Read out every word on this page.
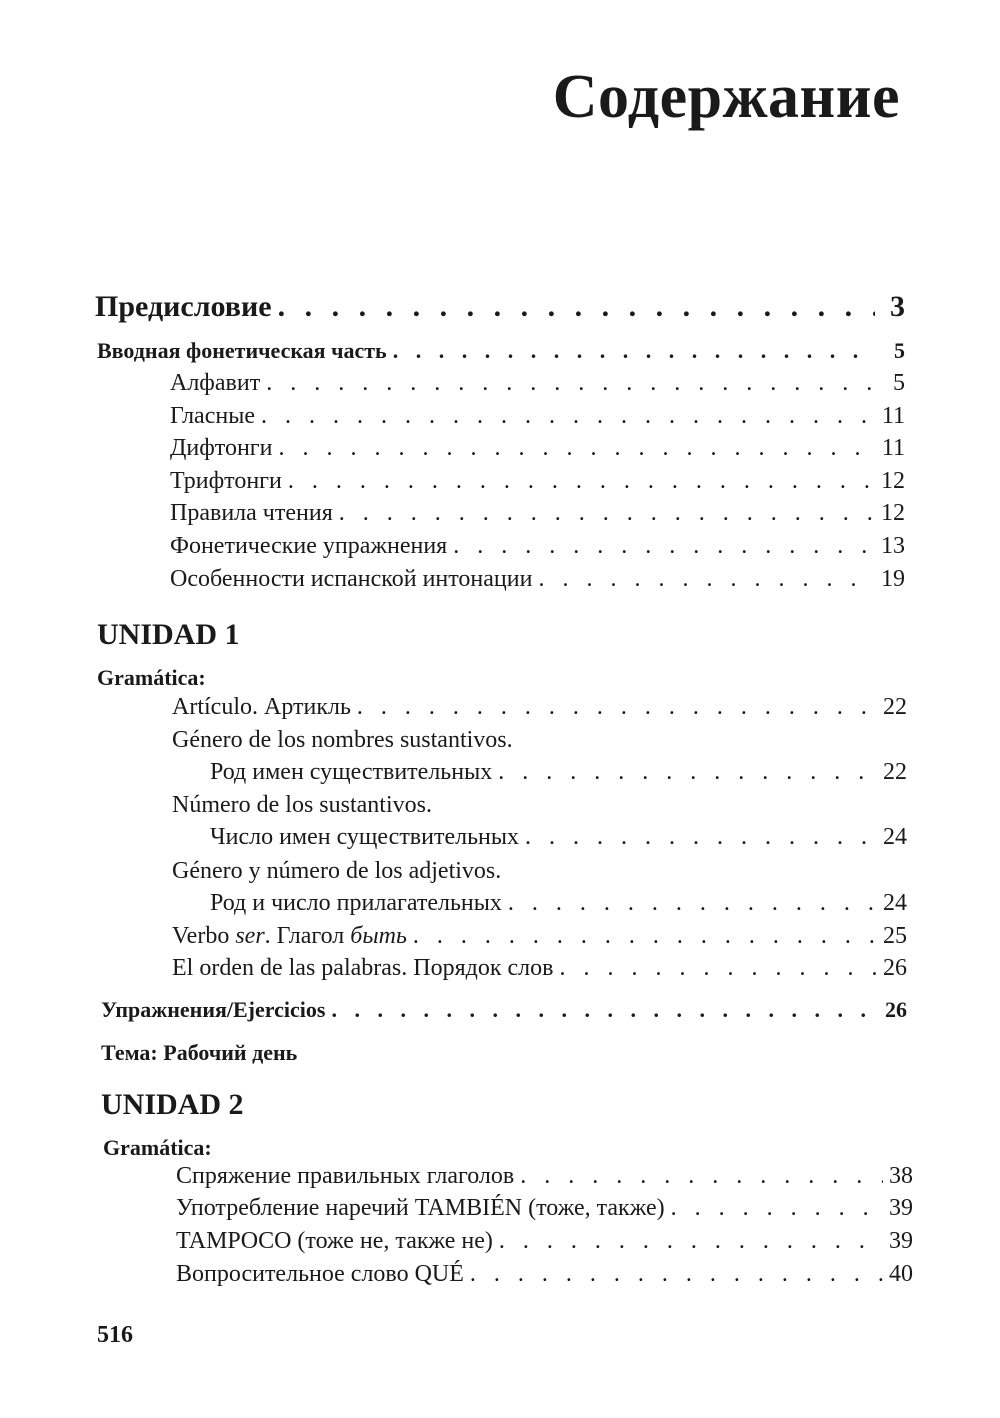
Содержание
Предисловие . . .	3
Вводная фонетическая часть . . .	5
Алфавит . . .	5
Гласные . . .	11
Дифтонги . . .	11
Трифтонги . . .	12
Правила чтения . . .	12
Фонетические упражнения . . .	13
Особенности испанской интонации . . .	19
UNIDAD 1
Gramática:
Artículo. Артикль . . .	22
Género de los nombres sustantivos.
Род имен существительных . . .	22
Número de los sustantivos.
Число имен существительных . . .	24
Género y número de los adjetivos.
Род и число прилагательных . . .	24
Verbo ser. Глагол быть . . .	25
El orden de las palabras. Порядок слов . . .	26
Упражнения/Ejercicios . . .	26
Тема: Рабочий день
UNIDAD 2
Gramática:
Спряжение правильных глаголов . . .	38
Употребление наречий TAMBIÉN (тоже, также) . . .	39
TAMPOCO (тоже не, также не) . . .	39
Вопросительное слово QUÉ . . .	40
516
